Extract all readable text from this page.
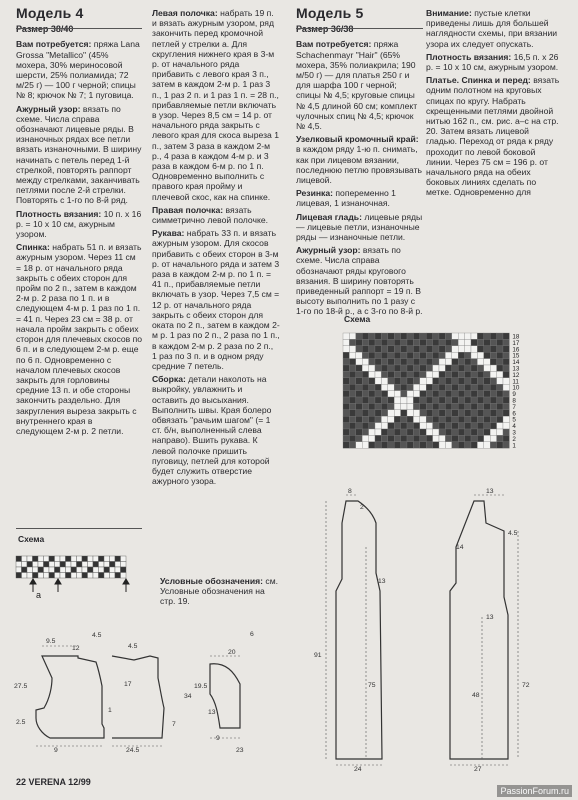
Модель 4
Размер 38/40

Вам потребуется: пряжа Lana Grossa "Metallico" (45% мохера, 30% мериносовой шерсти, 25% полиамида; 72 м/25 г) — 100 г черной; спицы № 8; крючок № 7; 1 пуговица.

Ажурный узор: вязать по схеме. Числа справа обозначают лицевые ряды. В изнаночных рядах все петли вязать изнаночными. В ширину начинать с петель перед 1-й стрелкой, повторять раппорт между стрелками, заканчивать петлями после 2-й стрелки. Повторять с 1-го по 8-й ряд.

Плотность вязания: 10 п. х 16 р. = 10 х 10 см, ажурным узором.

Спинка: набрать 51 п. и вязать ажурным узором. Через 11 см = 18 р. от начального ряда закрыть с обеих сторон для пройм по 2 п., затем в каждом 2-м р. 2 раза по 1 п. и в следующем 4-м р. 1 раз по 1 п. = 41 п. Через 23 см = 38 р. от начала пройм закрыть с обеих сторон для плечевых скосов по 6 п. и в следующем 2-м р. еще по 6 п. Одновременно с началом плечевых скосов закрыть для горловины средние 13 п. и обе стороны закончить раздельно. Для закругления выреза закрыть с внутреннего края в следующем 2-м р. 2 петли.

Левая полочка: набрать 19 п. и вязать ажурным узором, ряд закончить перед кромочной петлей у стрелки а. Для скругления нижнего края в 3-м р. от начального ряда прибавить с левого края 3 п., затем в каждом 2-м р. 1 раз 3 п., 1 раз 2 п. и 1 раз 1 п. = 28 п., прибавляемые петли включать в узор. Через 8,5 см = 14 р. от начального ряда закрыть с левого края для скоса выреза 1 п., затем 3 раза в каждом 2-м р., 4 раза в каждом 4-м р. и 3 раза в каждом 6-м р. по 1 п. Одновременно выполнить с правого края пройму и плечевой скос, как на спинке.

Правая полочка: вязать симметрично левой полочке.

Рукава: набрать 33 п. и вязать ажурным узором. Для скосов прибавить с обеих сторон в 3-м р. от начального ряда и затем 3 раза в каждом 2-м р. по 1 п. = 41 п., прибавляемые петли включать в узор. Через 7,5 см = 12 р. от начального ряда закрыть с обеих сторон для оката по 2 п., затем в каждом 2-м р. 1 раз по 2 п., 2 раза по 1 п., в каждом 2-м р. 2 раза по 2 п., 1 раз по 3 п. и в одном ряду средние 7 петель.

Сборка: детали наколоть на выкройку, увлажнить и оставить до высыхания. Выполнить швы. Края болеро обвязать "рачьим шагом" (= 1 ст. б/н, выполненный слева направо). Вшить рукава. К левой полочке пришить пуговицу, петлей для которой будет служить отверстие ажурного узора.

Модель 5
Размер 36/38

Вам потребуется: пряжа Schachenmayr "Hair" (65% мохера, 35% полиакрила; 190 м/50 г) — для платья 250 г и для шарфа 100 г черной; спицы № 4,5; круговые спицы № 4,5 длиной 60 см; комплект чулочных спиц № 4,5; крючок № 4,5.

Узелковый кромочный край: в каждом ряду 1-ю п. снимать, как при лицевом вязании, последнюю петлю провязывать лицевой.

Резинка: попеременно 1 лицевая, 1 изнаночная.

Лицевая гладь: лицевые ряды — лицевые петли, изнаночные ряды — изнаночные петли.

Ажурный узор: вязать по схеме. Числа справа обозначают ряды кругового вязания. В ширину повторять приведенный раппорт = 19 п. В высоту выполнить по 1 разу с 1-го по 18-й р., а с 3-го по 8-й р.

Внимание: пустые клетки приведены лишь для большей наглядности схемы, при вязании узора их следует опускать.

Плотность вязания: 16,5 п. х 26 р. = 10 х 10 см, ажурным узором.

Платье. Спинка и перед: вязать одним полотном на круговых спицах по кругу. Набрать скрещенными петлями двойной нитью 162 п., см. рис. а–с на стр. 20. Затем вязать лицевой гладью. Переход от ряда к ряду проходит по левой боковой линии. Через 75 см = 196 р. от начального ряда на обеих боковых линиях сделать по метке. Одновременно для

Схема
a
9.5
12
4.5
4.5
27.5
2.5
9
17
24.5
1
34
7
13
19.5
20
9
23
6
Условные обозначения: см. Условные обозначения на стр. 19.
Схема
18
17
16
15
14
13
12
11
10
9
8
7
6
5
4
3
2
1
8
2
91
75
13
24
14
13
4.5
72
48
13
27
22 VERENA 12/99
PassionForum.ru
